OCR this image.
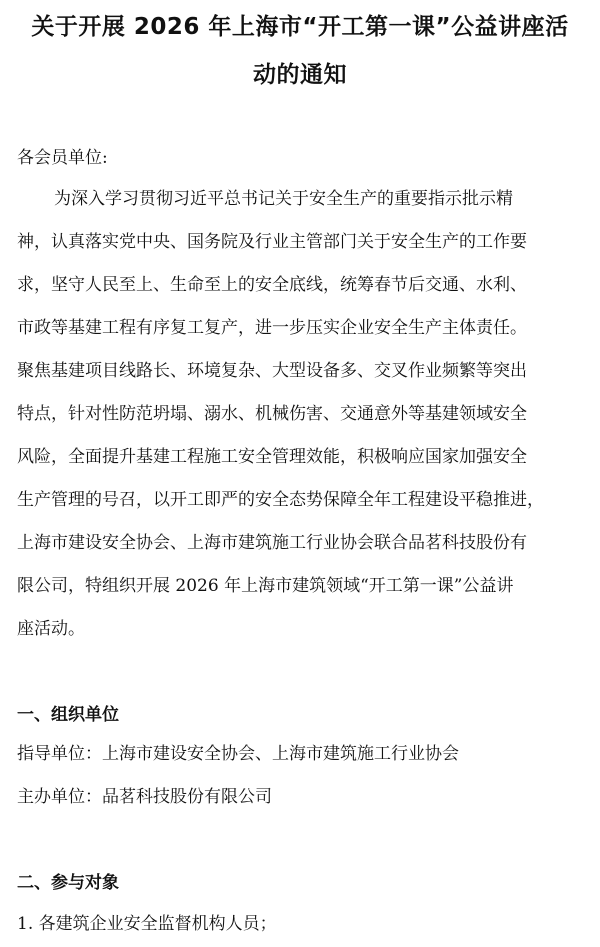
关于开展 2026 年上海市“开工第一课”公益讲座活
动的通知
各会员单位:
为深入学习贯彻习近平总书记关于安全生产的重要指示批示精
神，认真落实党中央、国务院及行业主管部门关于安全生产的工作要
求，坚守人民至上、生命至上的安全底线，统筹春节后交通、水利、
市政等基建工程有序复工复产，进一步压实企业安全生产主体责任。
聚焦基建项目线路长、环境复杂、大型设备多、交叉作业频繁等突出
特点，针对性防范坍塌、溺水、机械伤害、交通意外等基建领域安全
风险，全面提升基建工程施工安全管理效能，积极响应国家加强安全
生产管理的号召，以开工即严的安全态势保障全年工程建设平稳推进，
上海市建设安全协会、上海市建筑施工行业协会联合品茗科技股份有
限公司，特组织开展 2026 年上海市建筑领域“开工第一课”公益讲
座活动。
一、组织单位
指导单位：上海市建设安全协会、上海市建筑施工行业协会
主办单位：品茗科技股份有限公司
二、参与对象
1. 各建筑企业安全监督机构人员；
